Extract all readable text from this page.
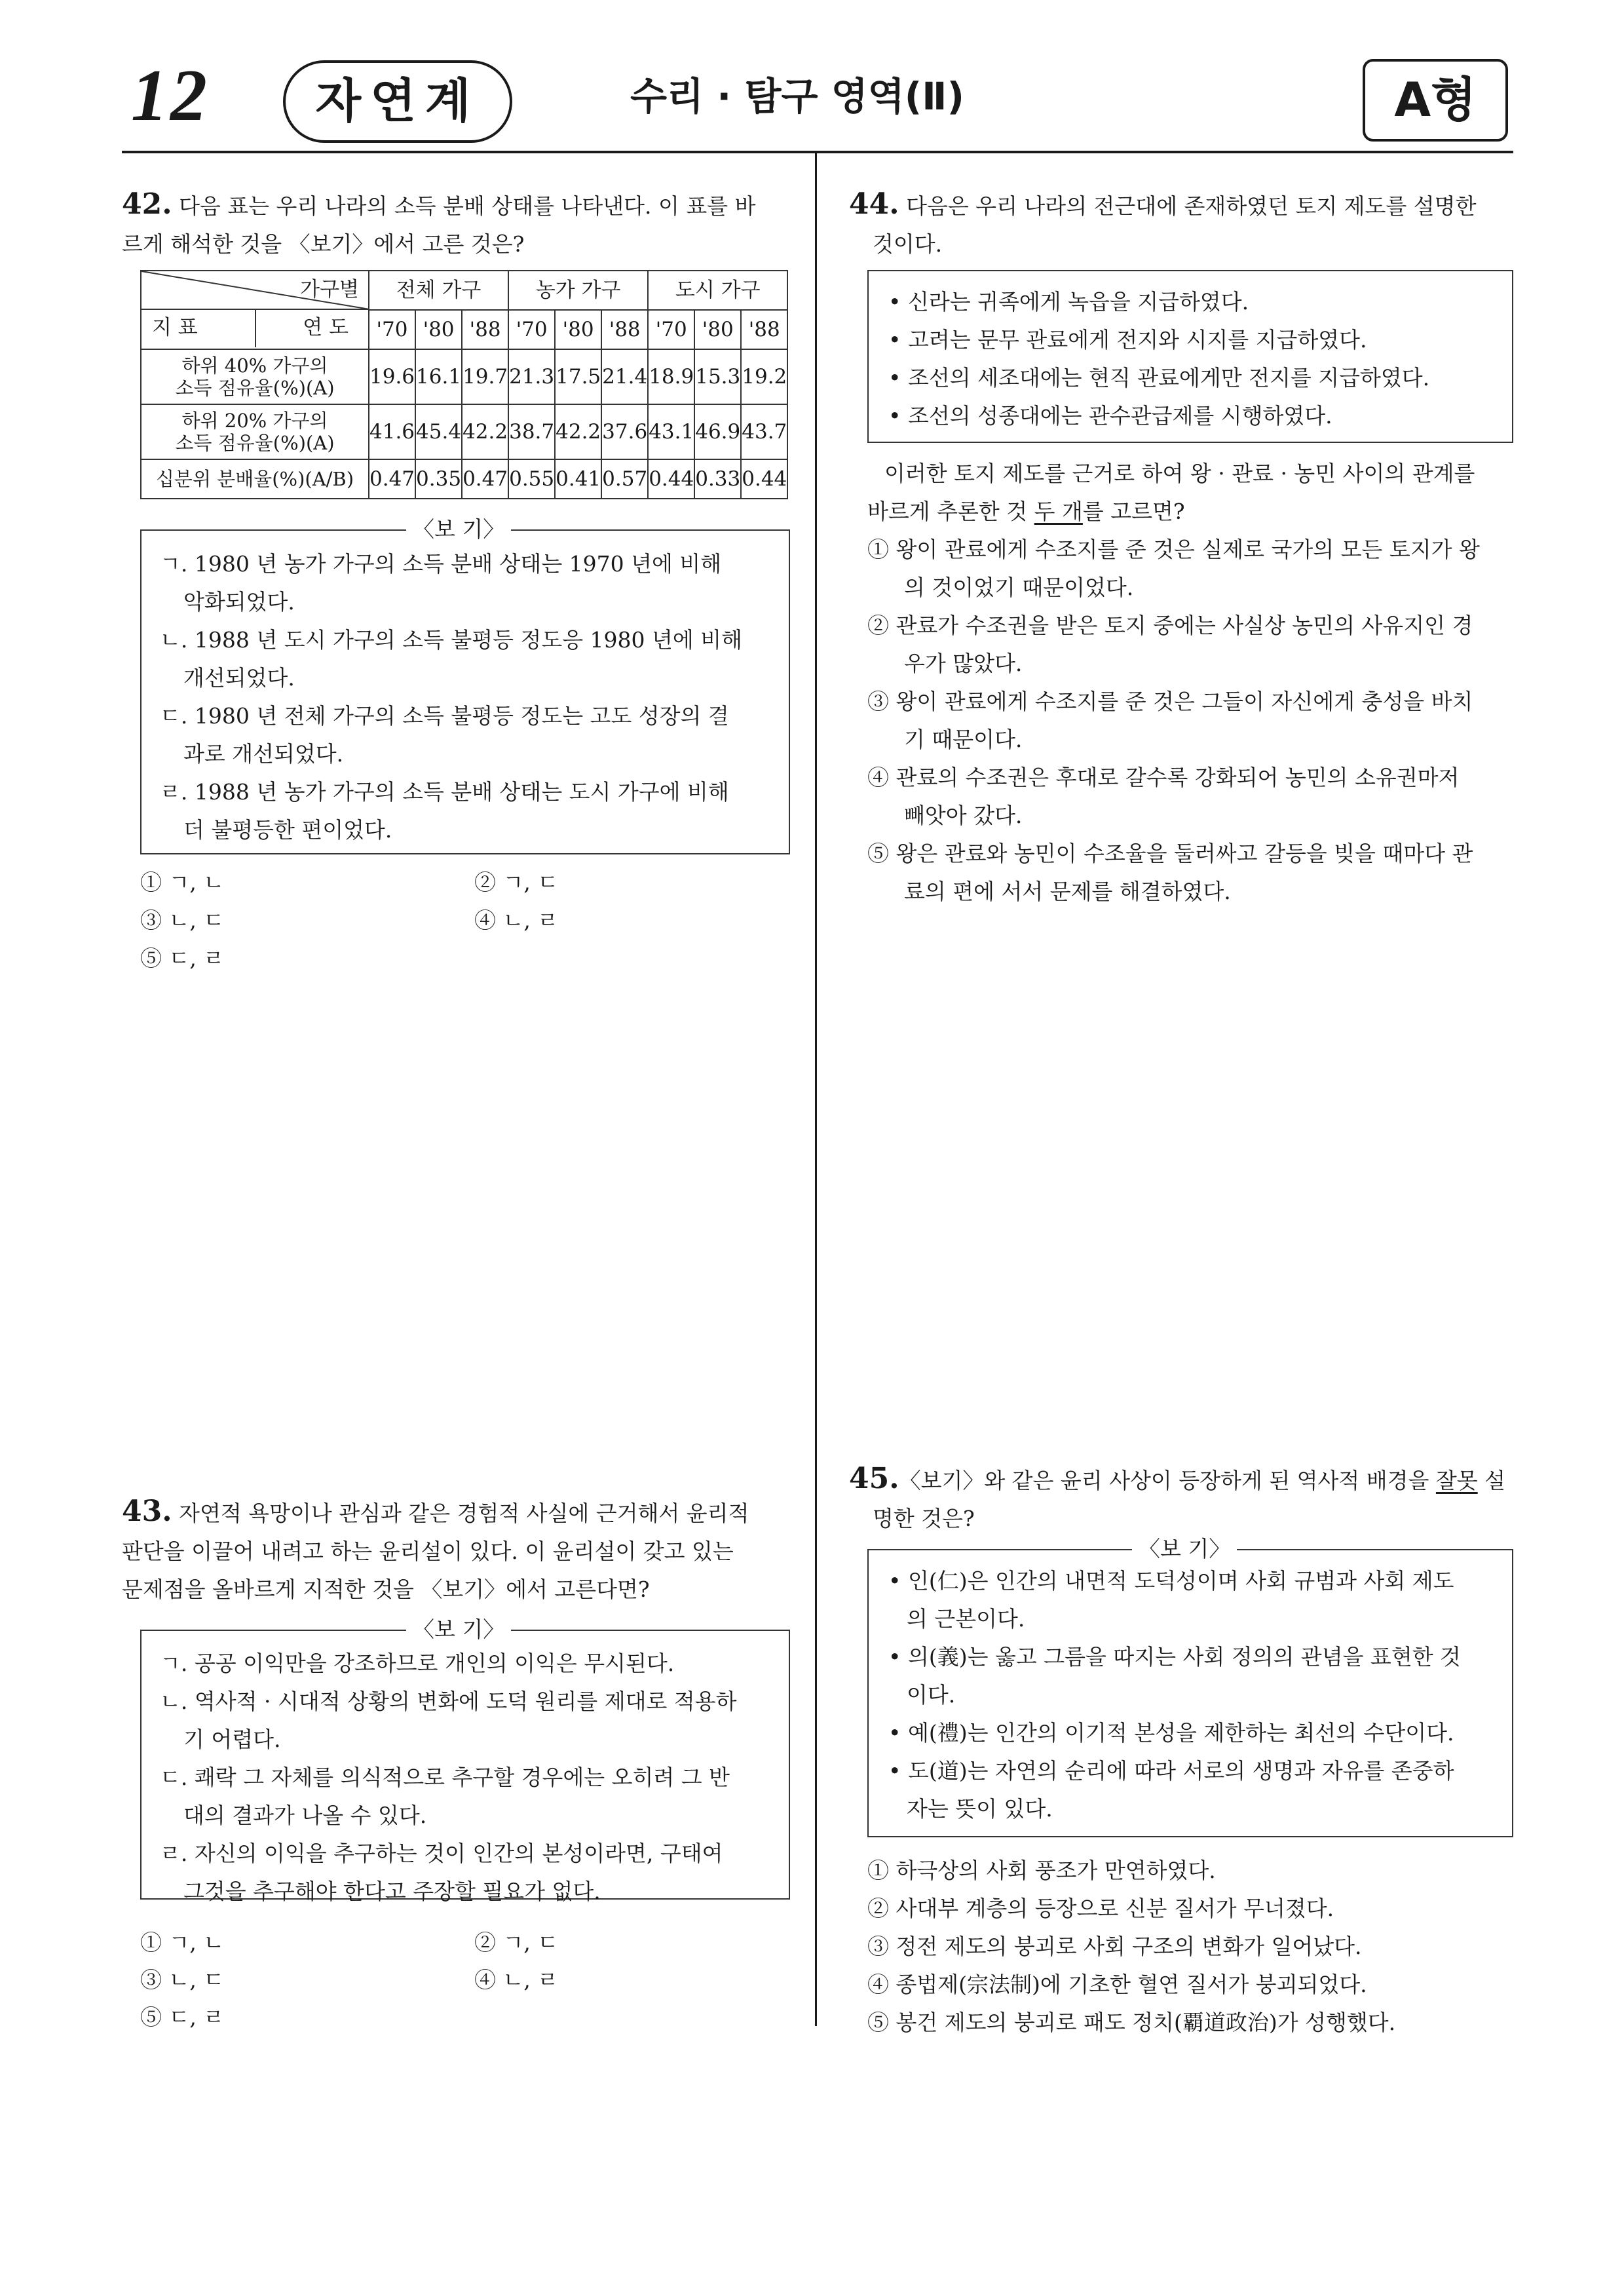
12	자연계	수리 · 탐구 영역(Ⅱ)	A형
42. 다음 표는 우리 나라의 소득 분배 상태를 나타낸다. 이 표를 바
르게 해석한 것을 〈보기〉에서 고른 것은?
가구별
지 표 연 도	전체 가구			농가 가구			도시 가구		
	'70	'80	'88	'70	'80	'88	'70	'80	'88

하위 40% 가구의
소득 점유율(%)(A)	19.6	16.1	19.7	21.3	17.5	21.4	18.9	15.3	19.2

하위 20% 가구의
소득 점유율(%)(A)	41.6	45.4	42.2	38.7	42.2	37.6	43.1	46.9	43.7
십분위 분배율(%)(A/B)	0.47	0.35	0.47	0.55	0.41	0.57	0.44	0.33	0.44
〈보 기〉
ㄱ. 1980 년 농가 가구의 소득 분배 상태는 1970 년에 비해
악화되었다.
ㄴ. 1988 년 도시 가구의 소득 불평등 정도응 1980 년에 비해
개선되었다.
ㄷ. 1980 년 전체 가구의 소득 불평등 정도는 고도 성장의 결
과로 개선되었다.
ㄹ. 1988 년 농가 가구의 소득 분배 상태는 도시 가구에 비해
더 불평등한 편이었다.
① ㄱ, ㄴ	② ㄱ, ㄷ
③ ㄴ, ㄷ	④ ㄴ, ㄹ
⑤ ㄷ, ㄹ
43. 자연적 욕망이나 관심과 같은 경험적 사실에 근거해서 윤리적
판단을 이끌어 내려고 하는 윤리설이 있다. 이 윤리설이 갖고 있는
문제점을 올바르게 지적한 것을 〈보기〉에서 고른다면?
〈보 기〉
ㄱ. 공공 이익만을 강조하므로 개인의 이익은 무시된다.
ㄴ. 역사적 · 시대적 상황의 변화에 도덕 원리를 제대로 적용하
기 어렵다.
ㄷ. 쾌락 그 자체를 의식적으로 추구할 경우에는 오히려 그 반
대의 결과가 나올 수 있다.
ㄹ. 자신의 이익을 추구하는 것이 인간의 본성이라면, 구태여
그것을 추구해야 한다고 주장할 필요가 없다.
① ㄱ, ㄴ	② ㄱ, ㄷ
③ ㄴ, ㄷ	④ ㄴ, ㄹ
⑤ ㄷ, ㄹ
44. 다음은 우리 나라의 전근대에 존재하였던 토지 제도를 설명한
것이다.
• 신라는 귀족에게 녹읍을 지급하였다.
• 고려는 문무 관료에게 전지와 시지를 지급하였다.
• 조선의 세조대에는 현직 관료에게만 전지를 지급하였다.
• 조선의 성종대에는 관수관급제를 시행하였다.
이러한 토지 제도를 근거로 하여 왕 · 관료 · 농민 사이의 관계를
바르게 추론한 것 두 개를 고르면?
① 왕이 관료에게 수조지를 준 것은 실제로 국가의 모든 토지가 왕
의 것이었기 때문이었다.
② 관료가 수조권을 받은 토지 중에는 사실상 농민의 사유지인 경
우가 많았다.
③ 왕이 관료에게 수조지를 준 것은 그들이 자신에게 충성을 바치
기 때문이다.
④ 관료의 수조권은 후대로 갈수록 강화되어 농민의 소유권마저
빼앗아 갔다.
⑤ 왕은 관료와 농민이 수조율을 둘러싸고 갈등을 빚을 때마다 관
료의 편에 서서 문제를 해결하였다.
45.〈보기〉와 같은 윤리 사상이 등장하게 된 역사적 배경을 잘못 설
명한 것은?
〈보 기〉
• 인(仁)은 인간의 내면적 도덕성이며 사회 규범과 사회 제도
의 근본이다.
• 의(義)는 옳고 그름을 따지는 사회 정의의 관념을 표현한 것
이다.
• 예(禮)는 인간의 이기적 본성을 제한하는 최선의 수단이다.
• 도(道)는 자연의 순리에 따라 서로의 생명과 자유를 존중하
자는 뜻이 있다.
① 하극상의 사회 풍조가 만연하였다.
② 사대부 계층의 등장으로 신분 질서가 무너졌다.
③ 정전 제도의 붕괴로 사회 구조의 변화가 일어났다.
④ 종법제(宗法制)에 기초한 혈연 질서가 붕괴되었다.
⑤ 봉건 제도의 붕괴로 패도 정치(覇道政治)가 성행했다.
